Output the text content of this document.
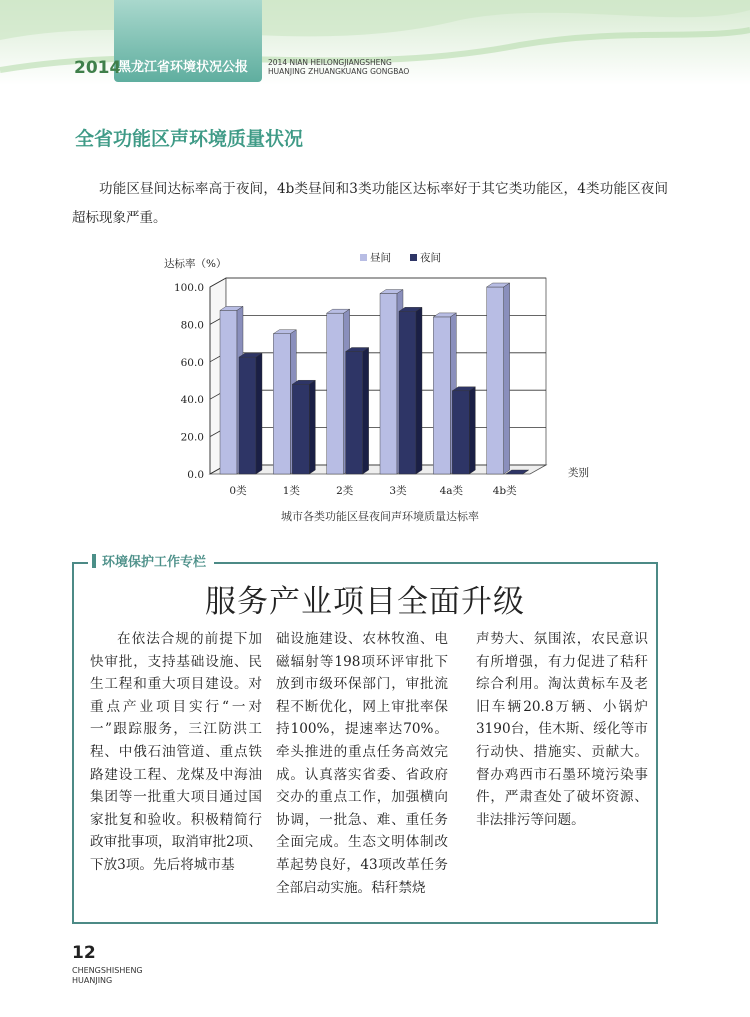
2014
黑龙江省环境状况公报	2014 NIAN HEILONGJIANGSHENG
HUANJING ZHUANGKUANG GONGBAO
全省功能区声环境质量状况
功能区昼间达标率高于夜间，4b类昼间和3类功能区达标率好于其它类功能区，4类功能区夜间超标现象严重。
0.0
20.0
40.0
60.0
80.0
100.0
达标率（%）
类别
昼间	夜间
0类	1类	2类	3类	4a类	4b类
城市各类功能区昼夜间声环境质量达标率
环境保护工作专栏
服务产业项目全面升级
在依法合规的前提下加快审批，支持基础设施、民生工程和重大项目建设。对重点产业项目实行“一对一”跟踪服务，三江防洪工程、中俄石油管道、重点铁路建设工程、龙煤及中海油集团等一批重大项目通过国家批复和验收。积极精简行政审批事项，取消审批2项、下放3项。先后将城市基
础设施建设、农林牧渔、电磁辐射等198项环评审批下放到市级环保部门，审批流程不断优化，网上审批率保持100%，提速率达70%。牵头推进的重点任务高效完成。认真落实省委、省政府交办的重点工作，加强横向协调，一批急、难、重任务全面完成。生态文明体制改革起势良好，43项改革任务全部启动实施。秸秆禁烧
声势大、氛围浓，农民意识有所增强，有力促进了秸秆综合利用。淘汰黄标车及老旧车辆20.8万辆、小锅炉3190台，佳木斯、绥化等市行动快、措施实、贡献大。督办鸡西市石墨环境污染事件，严肃查处了破坏资源、非法排污等问题。
12
CHENGSHISHENG
HUANJING
